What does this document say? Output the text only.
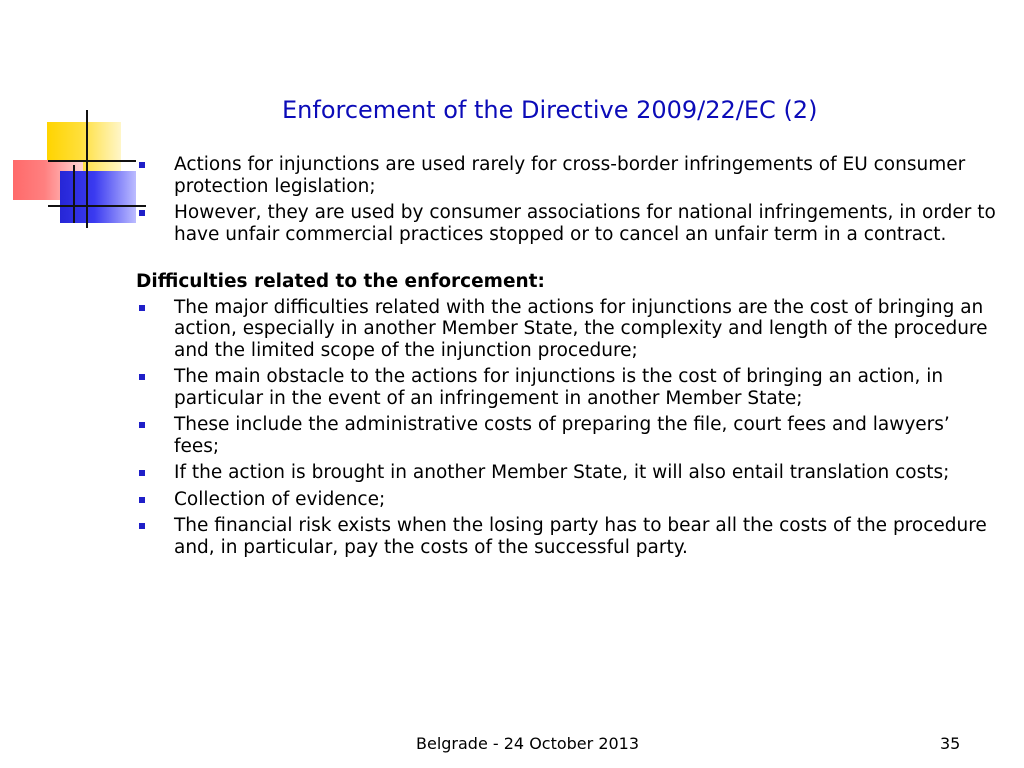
Enforcement of the Directive 2009/22/EC (2)
Actions for injunctions are used rarely for cross-border infringements of EU consumer protection legislation;
However, they are used by consumer associations for national infringements, in order to have unfair commercial practices stopped or to cancel an unfair term in a contract.
Difficulties related to the enforcement:
The major difficulties related with the actions for injunctions are the cost of bringing an action, especially in another Member State, the complexity and length of the procedure and the limited scope of the injunction procedure;
The main obstacle to the actions for injunctions is the cost of bringing an action, in particular in the event of an infringement in another Member State;
These include the administrative costs of preparing the file, court fees and lawyers’ fees;
If the action is brought in another Member State, it will also entail translation costs;
Collection of evidence;
The financial risk exists when the losing party has to bear all the costs of the procedure and, in particular, pay the costs of the successful party.
Belgrade - 24 October 2013	35
